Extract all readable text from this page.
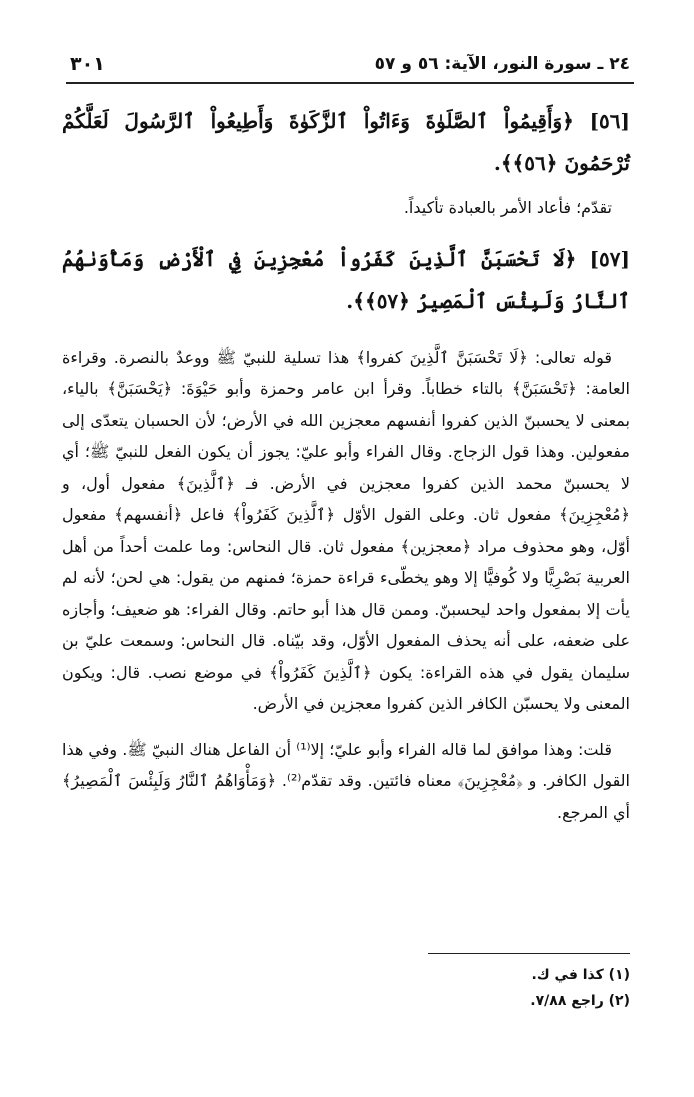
٢٤ ـ سورة النور، الآية: ٥٦ و ٥٧
٣٠١

[٥٦] ﴿وَأَقِيمُواْ ٱلصَّلَوٰةَ وَءَاتُواْ ٱلزَّكَوٰةَ وَأَطِيعُواْ ٱلرَّسُولَ لَعَلَّكُمْ تُرْحَمُونَ ﴿٥٦﴾﴾.

تقدّم؛ فأعاد الأمر بالعبادة تأكيداً.

[٥٧] ﴿لَا تَحْسَبَنَّ ٱلَّذِينَ كَفَرُواْ مُعْجِزِينَ فِي ٱلْأَرْضِ وَمَأْوَىٰهُمُ ٱلنَّارُ وَلَبِئْسَ ٱلْمَصِيرُ ﴿٥٧﴾﴾.

قوله تعالى: ﴿لَا تَحْسَبَنَّ ٱلَّذِينَ كفروا﴾ هذا تسلية للنبيّ ﷺ ووعدٌ بالنصرة. وقراءة العامة: ﴿تَحْسَبَنَّ﴾ بالتاء خطاباً. وقرأ ابن عامر وحمزة وأبو حَيْوَةَ: ﴿يَحْسَبَنَّ﴾ بالياء، بمعنى لا يحسبنّ الذين كفروا أنفسهم معجزين الله في الأرض؛ لأن الحسبان يتعدّى إلى مفعولين. وهذا قول الزجاج. وقال الفراء وأبو عليّ: يجوز أن يكون الفعل للنبيّ ﷺ؛ أي لا يحسبنّ محمد الذين كفروا معجزين في الأرض. فـ ﴿ٱلَّذِينَ﴾ مفعول أول، و ﴿مُعْجِزِينَ﴾ مفعول ثان. وعلى القول الأوّل ﴿ٱلَّذِينَ كَفَرُواْ﴾ فاعل ﴿أنفسهم﴾ مفعول أوّل، وهو محذوف مراد ﴿معجزين﴾ مفعول ثان. قال النحاس: وما علمت أحداً من أهل العربية بَصْرِيًّا ولا كُوفيًّا إلا وهو يخطّىء قراءة حمزة؛ فمنهم من يقول: هي لحن؛ لأنه لم يأت إلا بمفعول واحد ليحسبنّ. وممن قال هذا أبو حاتم. وقال الفراء: هو ضعيف؛ وأجازه على ضعفه، على أنه يحذف المفعول الأوّل، وقد بيّناه. قال النحاس: وسمعت عليّ بن سليمان يقول في هذه القراءة: يكون ﴿ٱلَّذِينَ كَفَرُواْ﴾ في موضع نصب. قال: ويكون المعنى ولا يحسبّن الكافر الذين كفروا معجزين في الأرض.

قلت: وهذا موافق لما قاله الفراء وأبو عليّ؛ إلا⁽¹⁾ أن الفاعل هناك النبيّ ﷺ. وفي هذا القول الكافر. و ﴿مُعْجِزِينَ﴾ معناه فائتين. وقد تقدّم⁽²⁾. ﴿وَمَأْوَاهُمُ ٱلنَّارُ وَلَبِئْسَ ٱلْمَصِيرُ﴾ أي المرجع.

(١) كذا في ك.

(٢) راجع ٧/٨٨.
